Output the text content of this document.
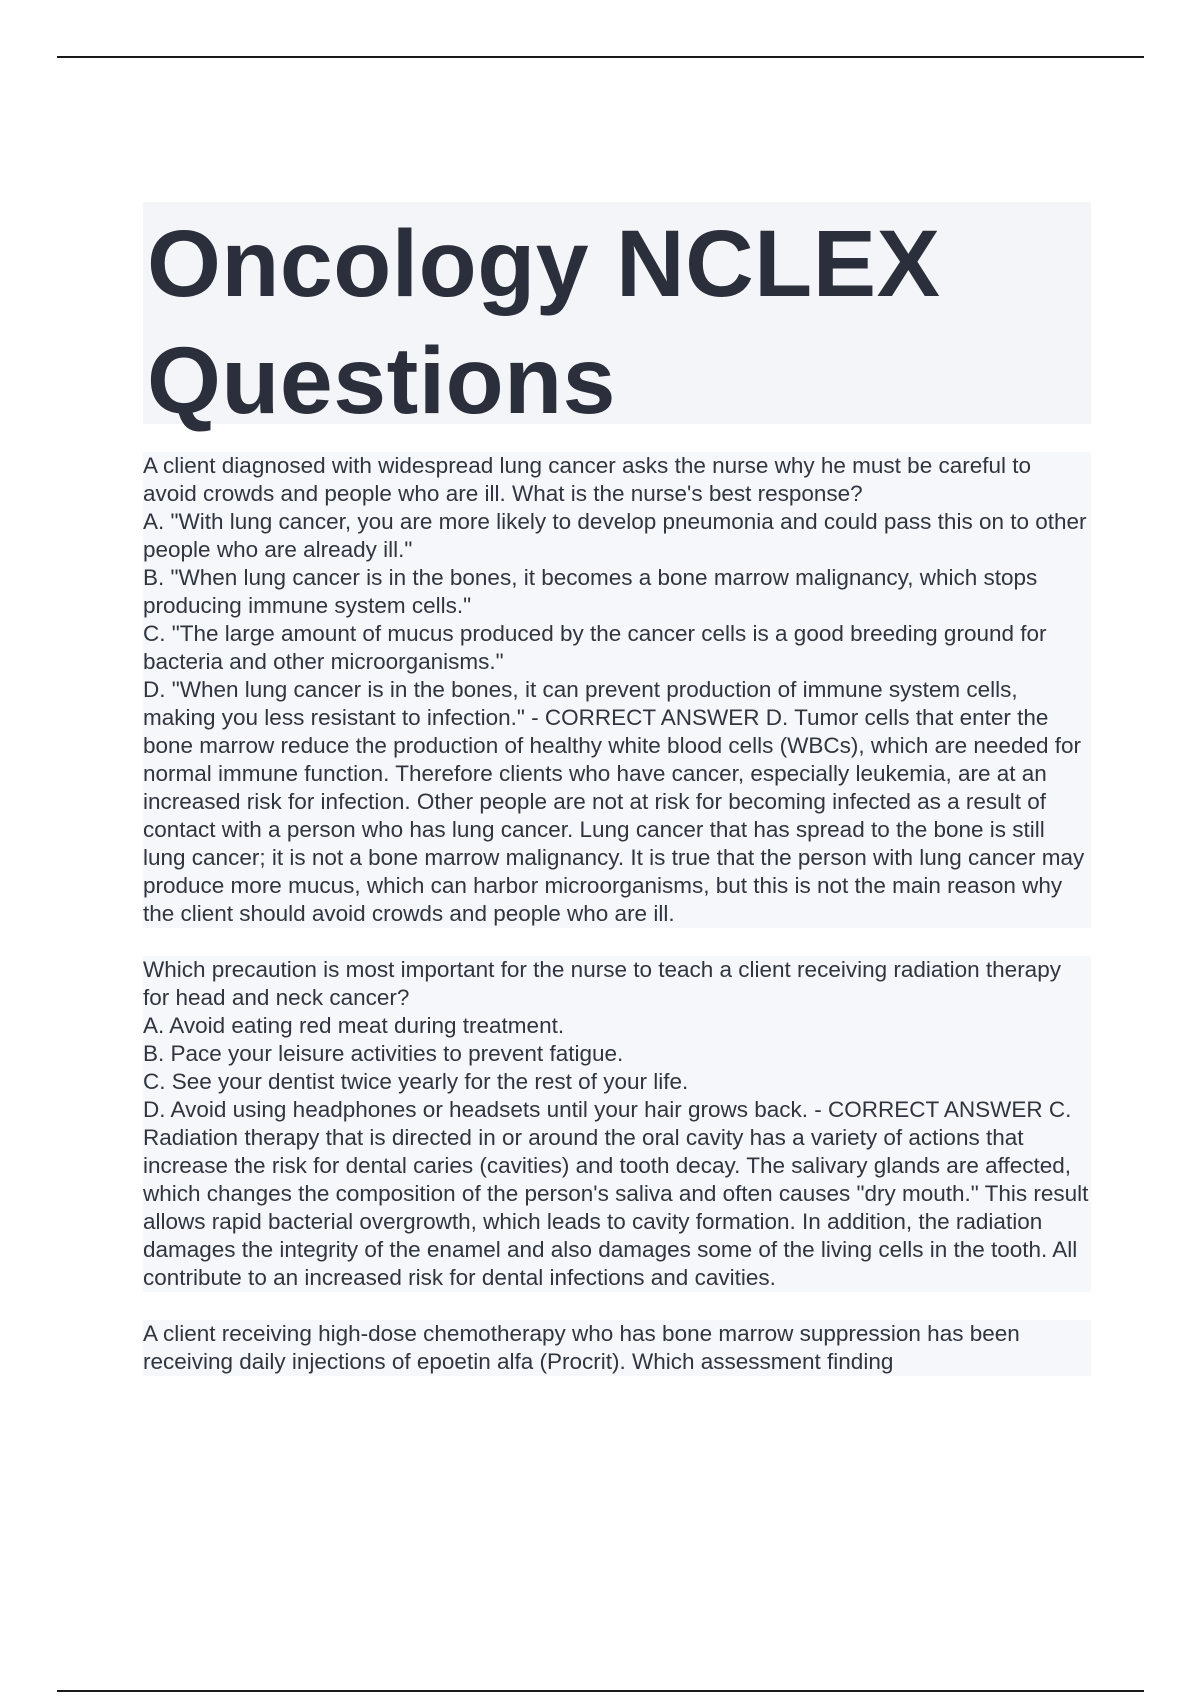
Oncology NCLEX
Questions

A client diagnosed with widespread lung cancer asks the nurse why he must be careful to avoid crowds and people who are ill. What is the nurse's best response?
A. "With lung cancer, you are more likely to develop pneumonia and could pass this on to other people who are already ill."
B. "When lung cancer is in the bones, it becomes a bone marrow malignancy, which stops producing immune system cells."
C. "The large amount of mucus produced by the cancer cells is a good breeding ground for bacteria and other microorganisms."
D. "When lung cancer is in the bones, it can prevent production of immune system cells, making you less resistant to infection." - CORRECT ANSWER D. Tumor cells that enter the bone marrow reduce the production of healthy white blood cells (WBCs), which are needed for normal immune function. Therefore clients who have cancer, especially leukemia, are at an increased risk for infection. Other people are not at risk for becoming infected as a result of contact with a person who has lung cancer. Lung cancer that has spread to the bone is still lung cancer; it is not a bone marrow malignancy. It is true that the person with lung cancer may produce more mucus, which can harbor microorganisms, but this is not the main reason why the client should avoid crowds and people who are ill.

Which precaution is most important for the nurse to teach a client receiving radiation therapy for head and neck cancer?
A. Avoid eating red meat during treatment.
B. Pace your leisure activities to prevent fatigue.
C. See your dentist twice yearly for the rest of your life.
D. Avoid using headphones or headsets until your hair grows back. - CORRECT ANSWER C. Radiation therapy that is directed in or around the oral cavity has a variety of actions that increase the risk for dental caries (cavities) and tooth decay. The salivary glands are affected, which changes the composition of the person's saliva and often causes "dry mouth." This result allows rapid bacterial overgrowth, which leads to cavity formation. In addition, the radiation damages the integrity of the enamel and also damages some of the living cells in the tooth. All contribute to an increased risk for dental infections and cavities.

A client receiving high-dose chemotherapy who has bone marrow suppression has been receiving daily injections of epoetin alfa (Procrit). Which assessment finding
